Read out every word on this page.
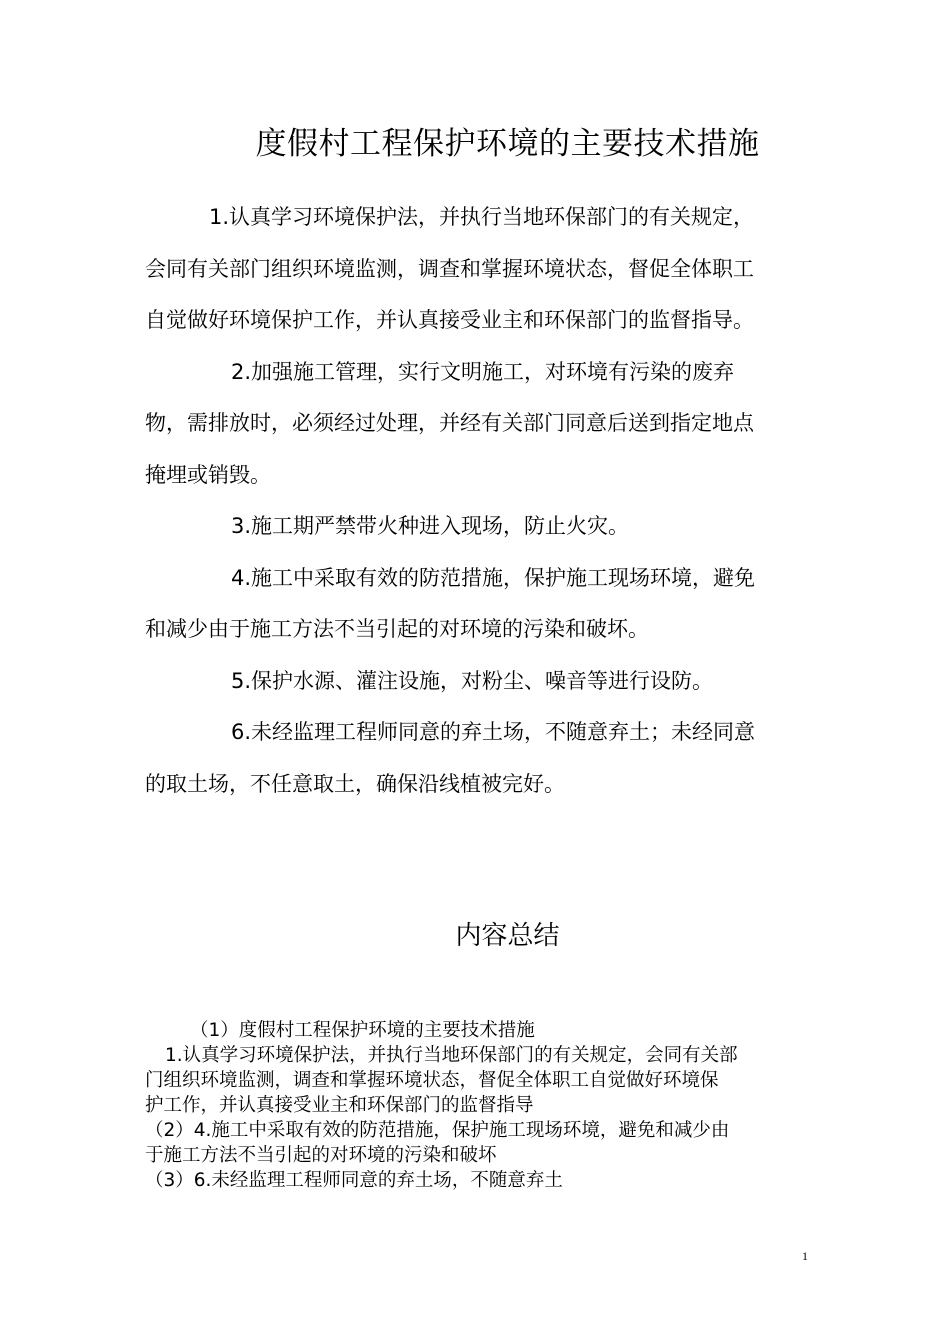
度假村工程保护环境的主要技术措施

1.认真学习环境保护法，并执行当地环保部门的有关规定，
会同有关部门组织环境监测，调查和掌握环境状态，督促全体职工
自觉做好环境保护工作，并认真接受业主和环保部门的监督指导。

2.加强施工管理，实行文明施工，对环境有污染的废弃
物，需排放时，必须经过处理，并经有关部门同意后送到指定地点
掩埋或销毁。

3.施工期严禁带火种进入现场，防止火灾。

4.施工中采取有效的防范措施，保护施工现场环境，避免
和减少由于施工方法不当引起的对环境的污染和破坏。

5.保护水源、灌注设施，对粉尘、噪音等进行设防。

6.未经监理工程师同意的弃土场，不随意弃土；未经同意
的取土场，不任意取土，确保沿线植被完好。

内容总结

（1）度假村工程保护环境的主要技术措施

1.认真学习环境保护法，并执行当地环保部门的有关规定，会同有关部

门组织环境监测，调查和掌握环境状态，督促全体职工自觉做好环境保

护工作，并认真接受业主和环保部门的监督指导

（2）4.施工中采取有效的防范措施，保护施工现场环境，避免和减少由

于施工方法不当引起的对环境的污染和破坏

（3）6.未经监理工程师同意的弃土场，不随意弃土

1
